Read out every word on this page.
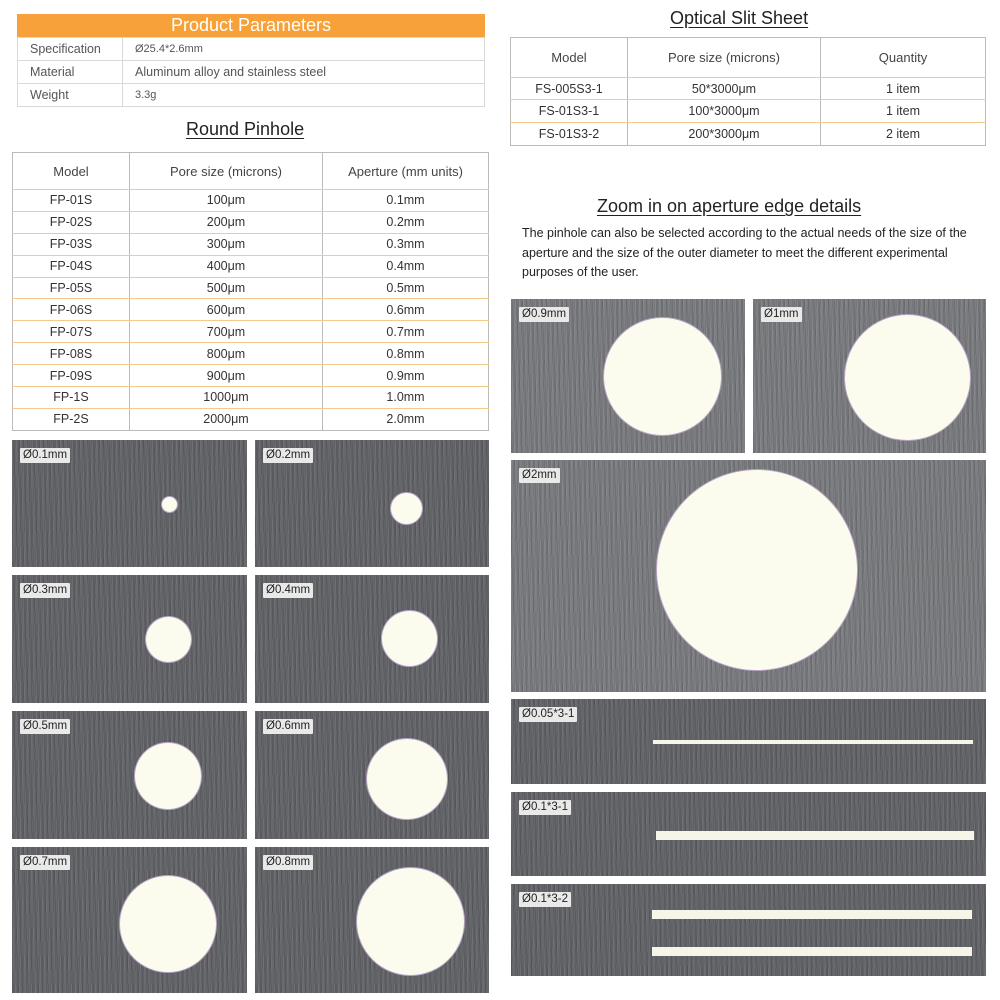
Product Parameters
Specification	Ø25.4*2.6mm
Material	Aluminum alloy and stainless steel
Weight	3.3g
Optical Slit Sheet
Model	Pore size (microns)	Quantity
FS-005S3-1	50*3000μm	1 item
FS-01S3-1	100*3000μm	1 item
FS-01S3-2	200*3000μm	2 item
Round Pinhole
Model	Pore size (microns)	Aperture (mm units)
FP-01S	100μm	0.1mm
FP-02S	200μm	0.2mm
FP-03S	300μm	0.3mm
FP-04S	400μm	0.4mm
FP-05S	500μm	0.5mm
FP-06S	600μm	0.6mm
FP-07S	700μm	0.7mm
FP-08S	800μm	0.8mm
FP-09S	900μm	0.9mm
FP-1S	1000μm	1.0mm
FP-2S	2000μm	2.0mm
Zoom in on aperture edge details
The pinhole can also be selected according to the actual needs of the size of the aperture and the size of the outer diameter to meet the different experimental purposes of the user.
Ø0.1mm	Ø0.2mm
Ø0.3mm	Ø0.4mm
Ø0.5mm	Ø0.6mm
Ø0.7mm	Ø0.8mm
Ø0.9mm	Ø1mm
Ø2mm
Ø0.05*3-1
Ø0.1*3-1
Ø0.1*3-2
